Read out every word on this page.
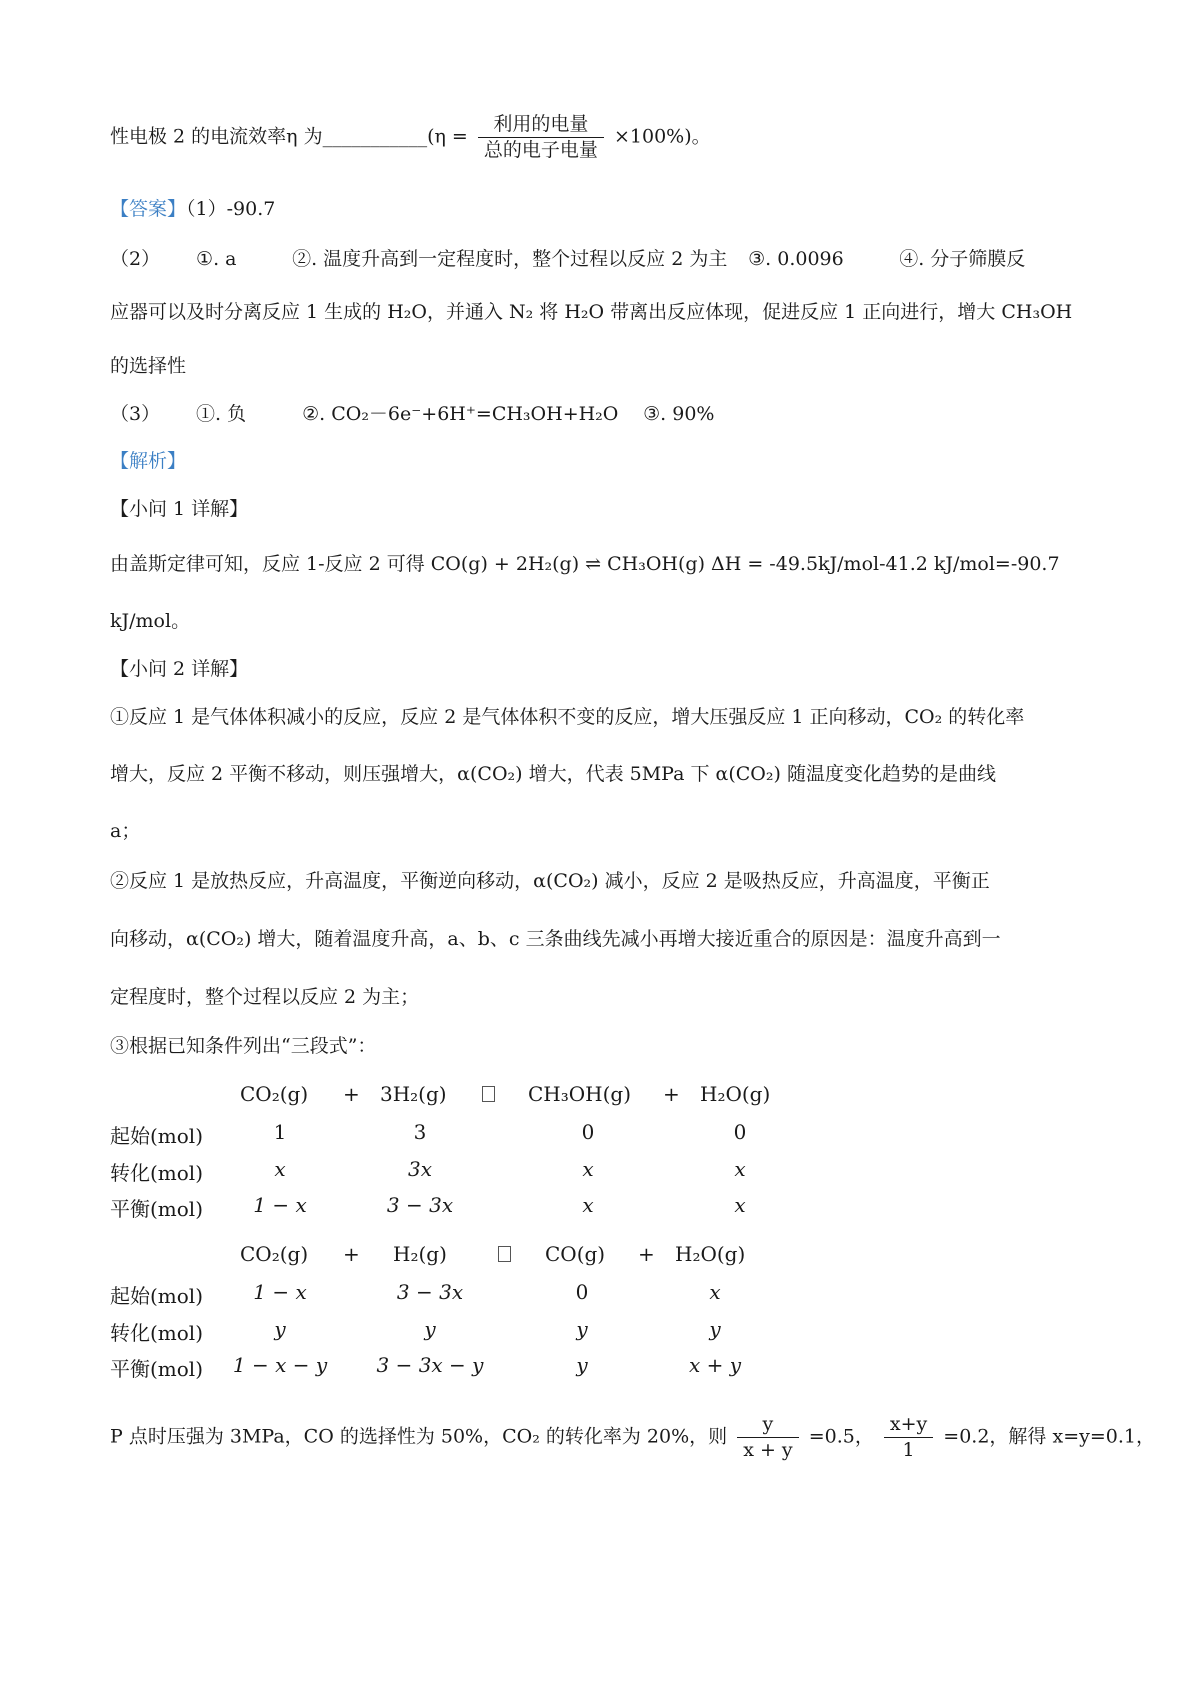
性电极 2 的电流效率η 为___________(η = $\frac{\text{利用的电量}}{\text{总的电子电量}} \times 100\%$)。
【答案】（1）-90.7
（2） ①. a	②. 温度升高到一定程度时，整个过程以反应 2 为主 ③. 0.0096	④. 分子筛膜反
应器可以及时分离反应 1 生成的 H₂O，并通入 N₂ 将 H₂O 带离出反应体现，促进反应 1 正向进行，增大 CH₃OH
的选择性
（3） ①. 负	②. CO₂－6e⁻+6H⁺=CH₃OH+H₂O ③. 90%
【解析】
【小问 1 详解】
由盖斯定律可知，反应 1-反应 2 可得 CO(g) + 2H₂(g) ⇌ CH₃OH(g) ΔH = -49.5kJ/mol-41.2 kJ/mol=-90.7
kJ/mol。
【小问 2 详解】
①反应 1 是气体体积减小的反应，反应 2 是气体体积不变的反应，增大压强反应 1 正向移动，CO₂ 的转化率
增大，反应 2 平衡不移动，则压强增大，α(CO₂) 增大，代表 5MPa 下 α(CO₂) 随温度变化趋势的是曲线
a；
②反应 1 是放热反应，升高温度，平衡逆向移动，α(CO₂) 减小，反应 2 是吸热反应，升高温度，平衡正
向移动，α(CO₂) 增大，随着温度升高，a、b、c 三条曲线先减小再增大接近重合的原因是：温度升高到一
定程度时，整个过程以反应 2 为主；
③根据已知条件列出“三段式”：
CO₂(g) + 3H₂(g)	CH₃OH(g) + H₂O(g)
起始(mol)	1	3	0	0
转化(mol)	x	3x	x	x
平衡(mol)	1 − x	3 − 3x	x	x
CO₂(g) + H₂(g)	CO(g) + H₂O(g)
起始(mol)	1 − x	3 − 3x	0	x
转化(mol)	y	y	y	y
平衡(mol)	1 − x − y	3 − 3x − y	y	x + y
P 点时压强为 3MPa，CO 的选择性为 50%，CO₂ 的转化率为 20%，则 $\frac{y}{x + y} =0.5$， $\frac{x+y}{1} =0.2$，解得 x=y=0.1，
